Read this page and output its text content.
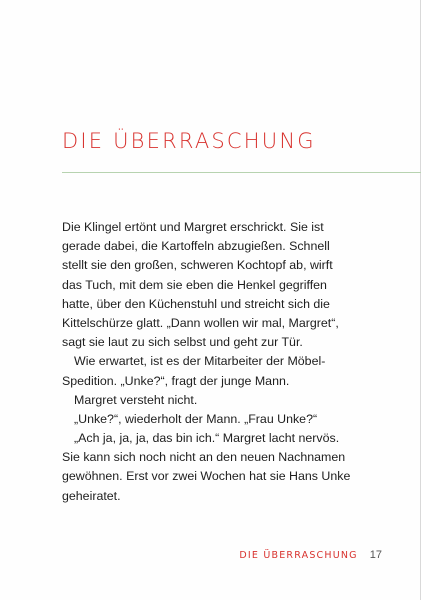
DIE ÜBERRASCHUNG
Die Klingel ertönt und Margret erschrickt. Sie ist
gerade dabei, die Kartoffeln abzugießen. Schnell
stellt sie den großen, schweren Kochtopf ab, wirft
das Tuch, mit dem sie eben die Henkel gegriffen
hatte, über den Küchenstuhl und streicht sich die
Kittelschürze glatt. „Dann wollen wir mal, Margret“,
sagt sie laut zu sich selbst und geht zur Tür.
Wie erwartet, ist es der Mitarbeiter der Möbel-
Spedition. „Unke?“, fragt der junge Mann.
Margret versteht nicht.
„Unke?“, wiederholt der Mann. „Frau Unke?“
„Ach ja, ja, ja, das bin ich.“ Margret lacht nervös.
Sie kann sich noch nicht an den neuen Nachnamen
gewöhnen. Erst vor zwei Wochen hat sie Hans Unke
geheiratet.
DIE ÜBERRASCHUNG 17
